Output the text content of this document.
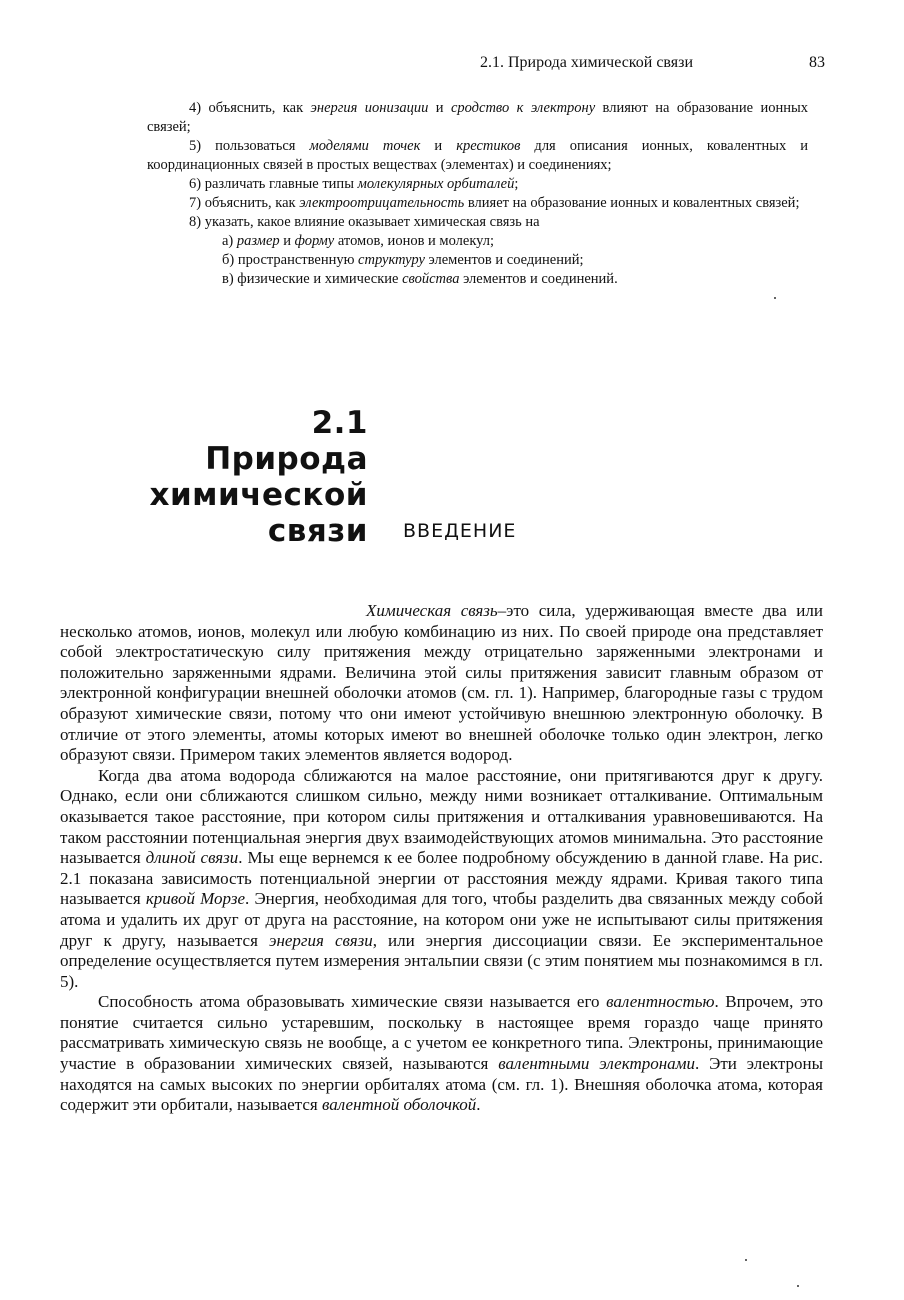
2.1. Природа химической связи	83

4) объяснить, как энергия ионизации и сродство к электрону влияют на образование ионных связей;

5) пользоваться моделями точек и крестиков для описания ионных, ковалентных и координационных связей в простых веществах (элементах) и соединениях;

6) различать главные типы молекулярных орбиталей;

7) объяснить, как электроотрицательность влияет на образование ионных и ковалентных связей;

8) указать, какое влияние оказывает химическая связь на

а) размер и форму атомов, ионов и молекул;

б) пространственную структуру элементов и соединений;

в) физические и химические свойства элементов и соединений.

2.1
Природа
химической
связи ВВЕДЕНИЕ

Химическая связь–это сила, удерживающая вместе два или несколько атомов, ионов, молекул или любую комбинацию из них. По своей природе она представляет собой электростатическую силу притяжения между отрицательно заряженными электронами и положительно заряженными ядрами. Величина этой силы притяжения зависит главным образом от электронной конфигурации внешней оболочки атомов (см. гл. 1). Например, благородные газы с трудом образуют химические связи, потому что они имеют устойчивую внешнюю электронную оболочку. В отличие от этого элементы, атомы которых имеют во внешней оболочке только один электрон, легко образуют связи. Примером таких элементов является водород.

Когда два атома водорода сближаются на малое расстояние, они притягиваются друг к другу. Однако, если они сближаются слишком сильно, между ними возникает отталкивание. Оптимальным оказывается такое расстояние, при котором силы притяжения и отталкивания уравновешиваются. На таком расстоянии потенциальная энергия двух взаимодействующих атомов минимальна. Это расстояние называется длиной связи. Мы еще вернемся к ее более подробному обсуждению в данной главе. На рис. 2.1 показана зависимость потенциальной энергии от расстояния между ядрами. Кривая такого типа называется кривой Морзе. Энергия, необходимая для того, чтобы разделить два связанных между собой атома и удалить их друг от друга на расстояние, на котором они уже не испытывают силы притяжения друг к другу, называется энергия связи, или энергия диссоциации связи. Ее экспериментальное определение осуществляется путем измерения энтальпии связи (с этим понятием мы познакомимся в гл. 5).

Способность атома образовывать химические связи называется его валентностью. Впрочем, это понятие считается сильно устаревшим, поскольку в настоящее время гораздо чаще принято рассматривать химическую связь не вообще, а с учетом ее конкретного типа. Электроны, принимающие участие в образовании химических связей, называются валентными электронами. Эти электроны находятся на самых высоких по энергии орбиталях атома (см. гл. 1). Внешняя оболочка атома, которая содержит эти орбитали, называется валентной оболочкой.
